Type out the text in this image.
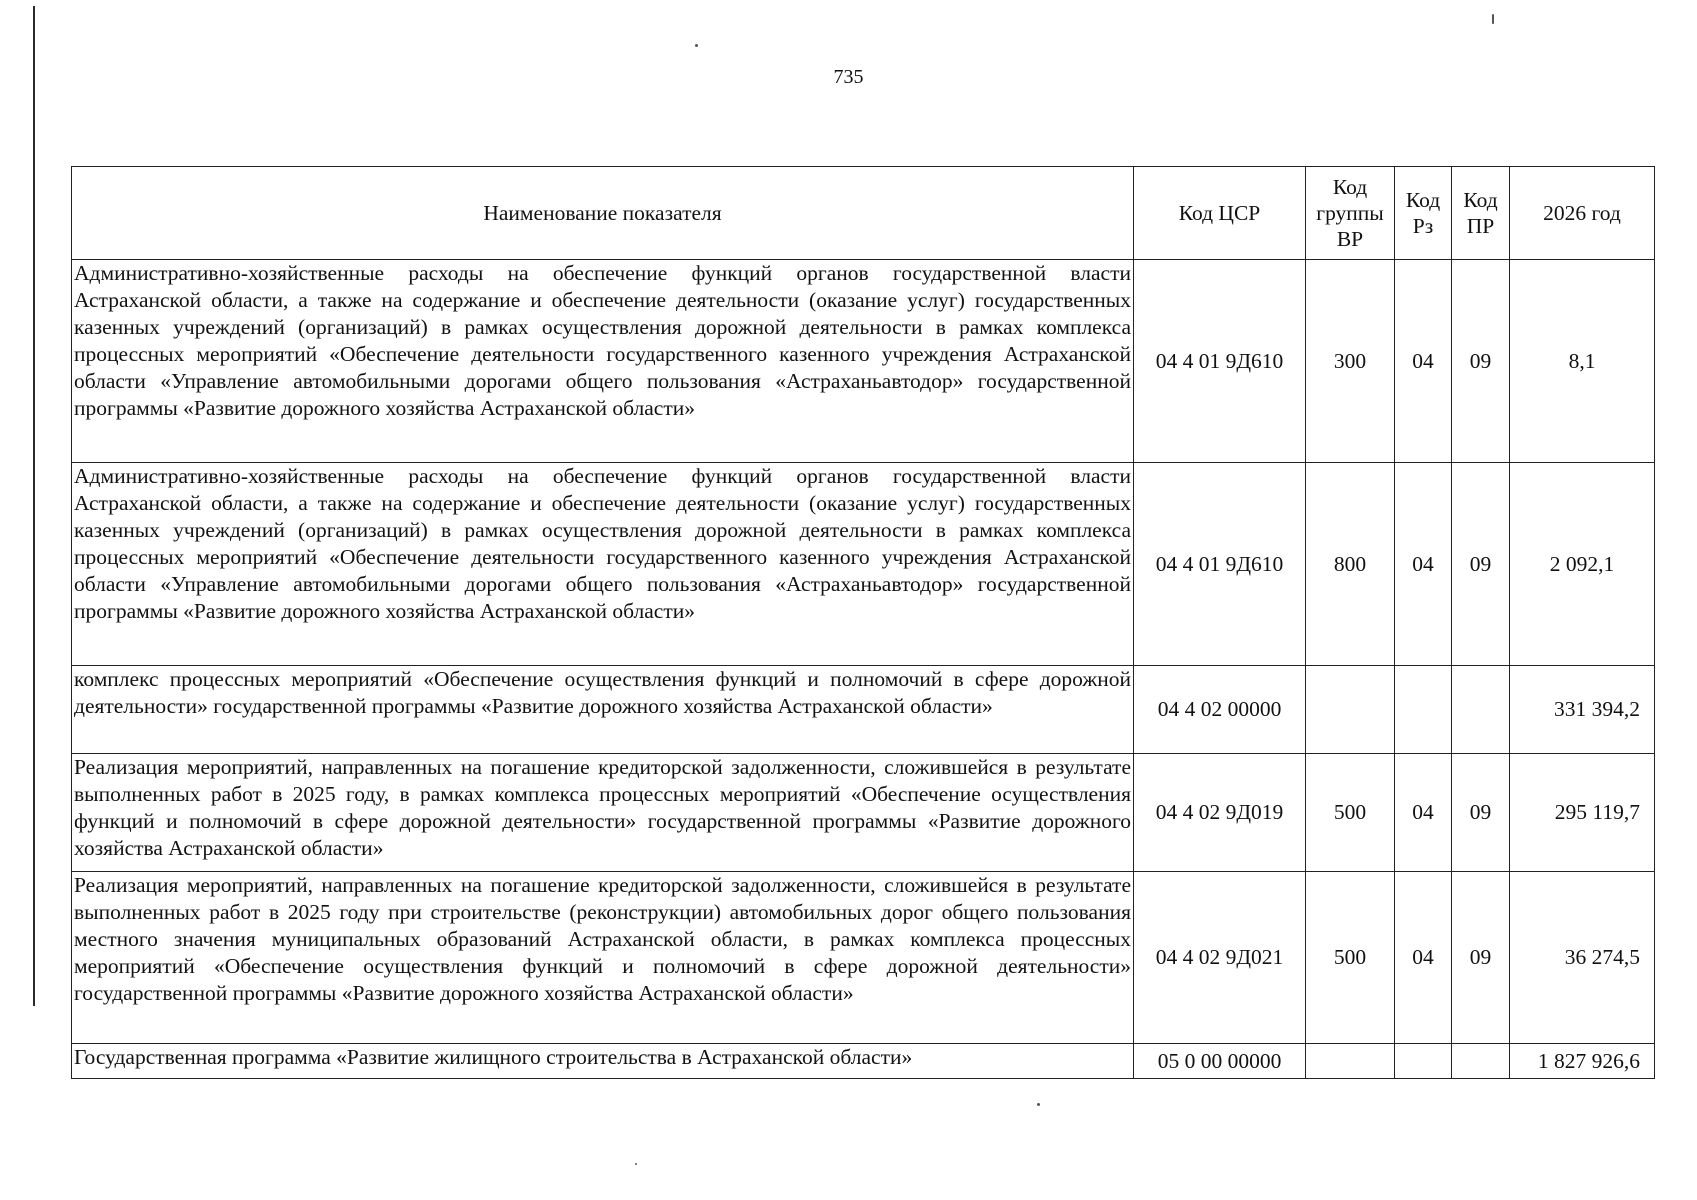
735
Наименование показателя	Код ЦСР	Код группы ВР	Код Рз	Код ПР	2026 год
Административно-хозяйственные расходы на обеспечение функций органов государственной власти Астраханской области, а также на содержание и обеспечение деятельности (оказание услуг) государственных казенных учреждений (организаций) в рамках осуществления дорожной деятельности в рамках комплекса процессных мероприятий «Обеспечение деятельности государственного казенного учреждения Астраханской области «Управление автомобильными дорогами общего пользования «Астраханьавтодор» государственной программы «Развитие дорожного хозяйства Астраханской области»	04 4 01 9Д610	300	04	09	8,1
Административно-хозяйственные расходы на обеспечение функций органов государственной власти Астраханской области, а также на содержание и обеспечение деятельности (оказание услуг) государственных казенных учреждений (организаций) в рамках осуществления дорожной деятельности в рамках комплекса процессных мероприятий «Обеспечение деятельности государственного казенного учреждения Астраханской области «Управление автомобильными дорогами общего пользования «Астраханьавтодор» государственной программы «Развитие дорожного хозяйства Астраханской области»	04 4 01 9Д610	800	04	09	2 092,1
комплекс процессных мероприятий «Обеспечение осуществления функций и полномочий в сфере дорожной деятельности» государственной программы «Развитие дорожного хозяйства Астраханской области»	04 4 02 00000				331 394,2
Реализация мероприятий, направленных на погашение кредиторской задолженности, сложившейся в результате выполненных работ в 2025 году, в рамках комплекса процессных мероприятий «Обеспечение осуществления функций и полномочий в сфере дорожной деятельности» государственной программы «Развитие дорожного хозяйства Астраханской области»	04 4 02 9Д019	500	04	09	295 119,7
Реализация мероприятий, направленных на погашение кредиторской задолженности, сложившейся в результате выполненных работ в 2025 году при строительстве (реконструкции) автомобильных дорог общего пользования местного значения муниципальных образований Астраханской области, в рамках комплекса процессных мероприятий «Обеспечение осуществления функций и полномочий в сфере дорожной деятельности» государственной программы «Развитие дорожного хозяйства Астраханской области»	04 4 02 9Д021	500	04	09	36 274,5
Государственная программа «Развитие жилищного строительства в Астраханской области»	05 0 00 00000				1 827 926,6
